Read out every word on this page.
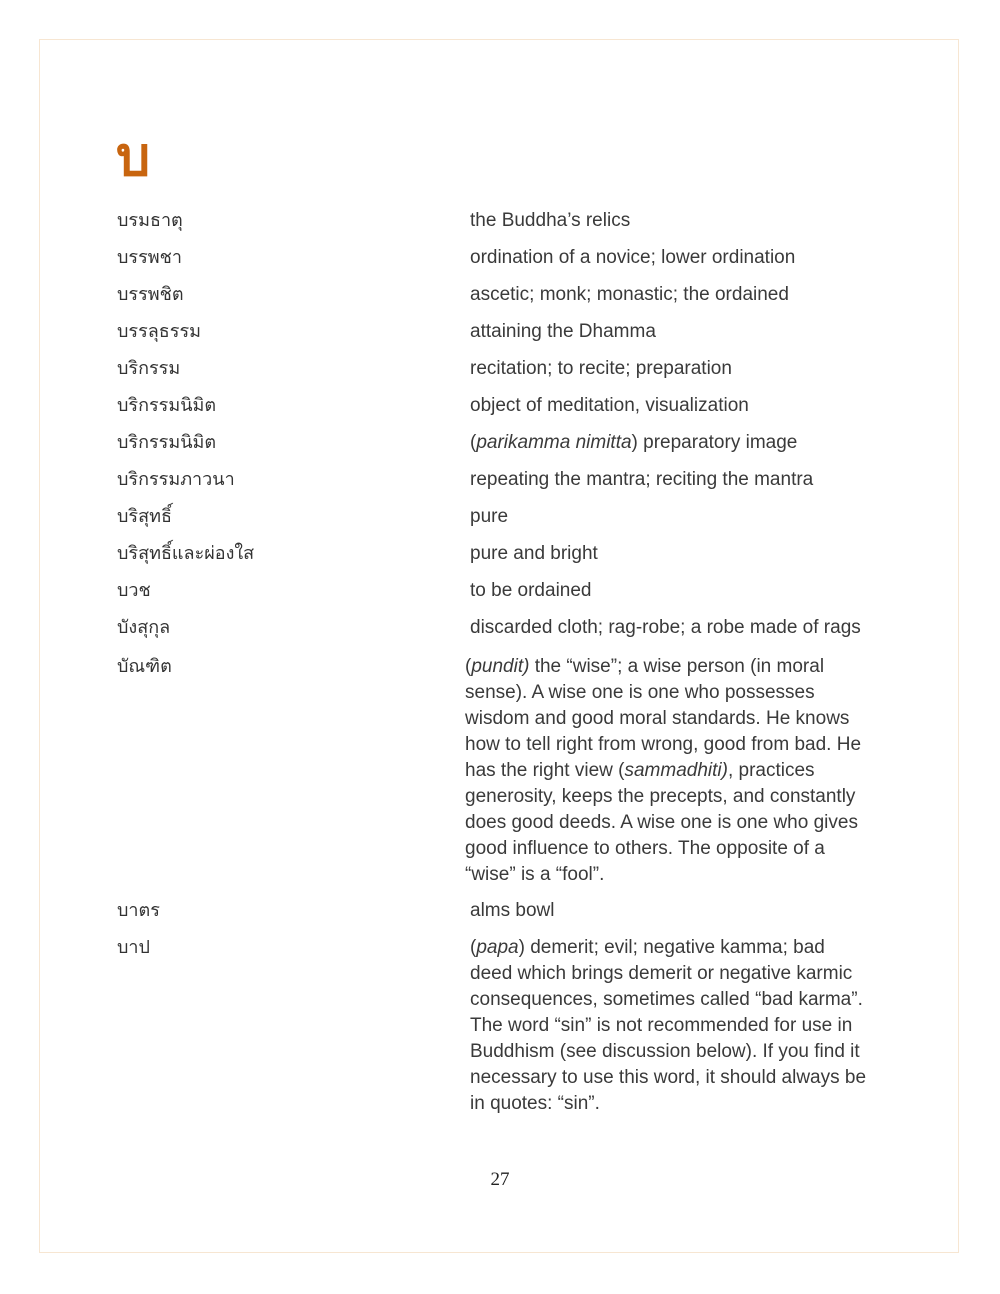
บ
บรมธาตุ	the Buddha’s relics
บรรพชา	ordination of a novice; lower ordination
บรรพชิต	ascetic; monk; monastic; the ordained
บรรลุธรรม	attaining the Dhamma
บริกรรม	recitation; to recite; preparation
บริกรรมนิมิต	object of meditation, visualization
บริกรรมนิมิต	(parikamma nimitta) preparatory image
บริกรรมภาวนา	repeating the mantra; reciting the mantra
บริสุทธิ์	pure
บริสุทธิ์และผ่องใส	pure and bright
บวช	to be ordained
บังสุกุล	discarded cloth; rag-robe; a robe made of rags
บัณฑิต	(pundit) the “wise”; a wise person (in moral

sense). A wise one is one who possesses

wisdom and good moral standards. He knows

how to tell right from wrong, good from bad. He

has the right view (sammadhiti), practices

generosity, keeps the precepts, and constantly

does good deeds. A wise one is one who gives

good influence to others. The opposite of a

“wise” is a “fool”.

บาตร	alms bowl
บาป	(papa) demerit; evil; negative kamma; bad

deed which brings demerit or negative karmic

consequences, sometimes called “bad karma”.

The word “sin” is not recommended for use in

Buddhism (see discussion below). If you find it

necessary to use this word, it should always be

in quotes: “sin”.

27
